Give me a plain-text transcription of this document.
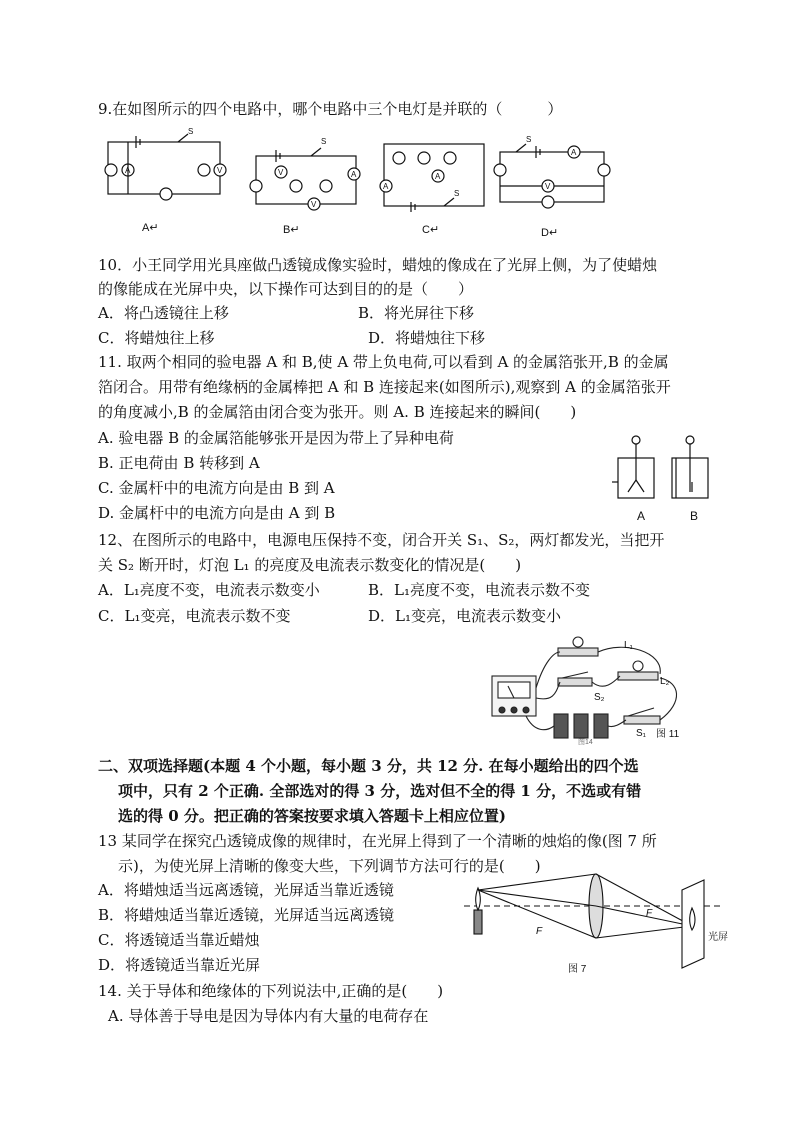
9.在如图所示的四个电路中，哪个电路中三个电灯是并联的（　　　）
A	V
S
V	A
V
S
A
A
S
A
V
S
A↵	B↵	C↵	D↵
10．小王同学用光具座做凸透镜成像实验时，蜡烛的像成在了光屏上侧，为了使蜡烛
的像能成在光屏中央，以下操作可达到目的的是（　　）
A．将凸透镜往上移	B．将光屏往下移
C．将蜡烛往上移	D．将蜡烛往下移
11. 取两个相同的验电器 A 和 B,使 A 带上负电荷,可以看到 A 的金属箔张开,B 的金属
箔闭合。用带有绝缘柄的金属棒把 A 和 B 连接起来(如图所示),观察到 A 的金属箔张开
的角度减小,B 的金属箔由闭合变为张开。则 A. B 连接起来的瞬间(　　)
A. 验电器 B 的金属箔能够张开是因为带上了异种电荷
B. 正电荷由 B 转移到 A
C. 金属杆中的电流方向是由 B 到 A
D. 金属杆中的电流方向是由 A 到 B	A	B
12、在图所示的电路中，电源电压保持不变，闭合开关 S₁、S₂，两灯都发光，当把开
关 S₂ 断开时，灯泡 L₁ 的亮度及电流表示数变化的情况是(　　)
A．L₁亮度不变，电流表示数变小	B．L₁亮度不变，电流表示数不变
C．L₁变亮，电流表示数不变	D．L₁变亮，电流表示数变小
L₁
L₂
S₂
S₁ 图 11
图14
二、双项选择题(本题 4 个小题，每小题 3 分，共 12 分. 在每小题给出的四个选
项中，只有 2 个正确. 全部选对的得 3 分，选对但不全的得 1 分，不选或有错
选的得 0 分。把正确的答案按要求填入答题卡上相应位置)
13 某同学在探究凸透镜成像的规律时，在光屏上得到了一个清晰的烛焰的像(图 7 所
示)，为使光屏上清晰的像变大些，下列调节方法可行的是(　　)
A．将蜡烛适当远离透镜，光屏适当靠近透镜
B．将蜡烛适当靠近透镜，光屏适当远离透镜
C．将透镜适当靠近蜡烛
D．将透镜适当靠近光屏
F
F
光屏
图 7
14. 关于导体和绝缘体的下列说法中,正确的是(　　)
A. 导体善于导电是因为导体内有大量的电荷存在
